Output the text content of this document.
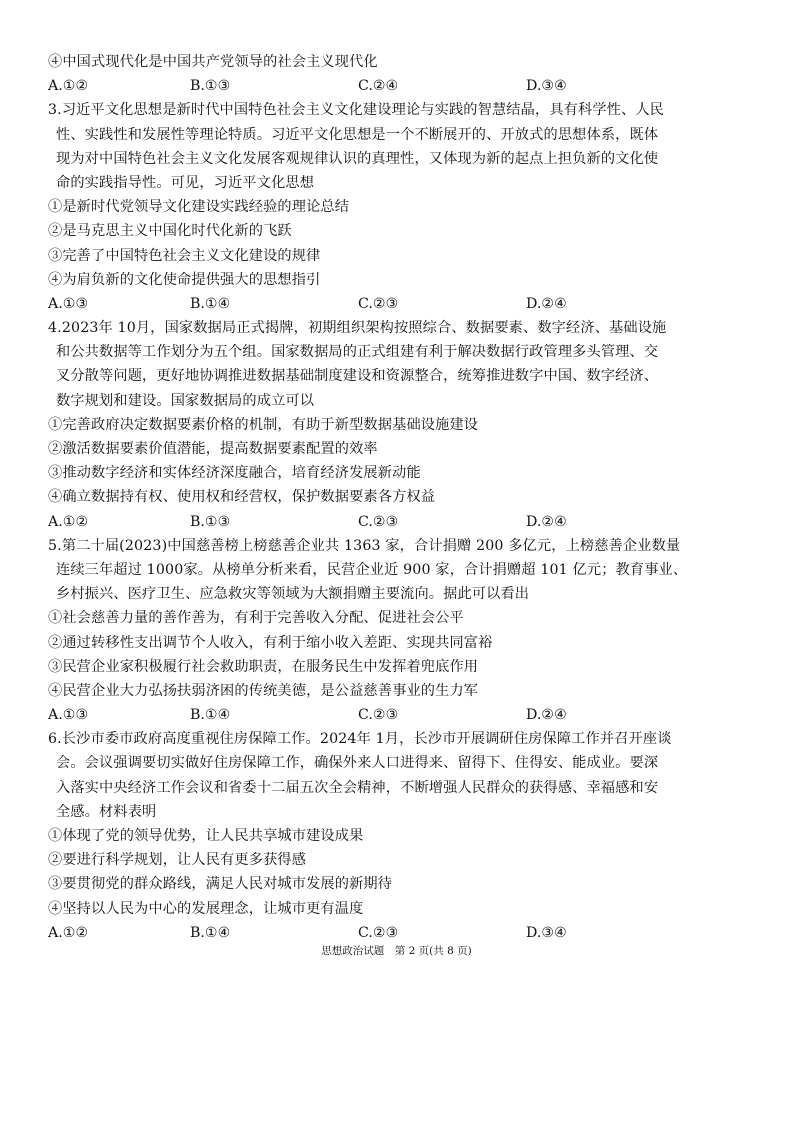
④中国式现代化是中国共产党领导的社会主义现代化
A.①②	B.①③	C.②④	D.③④
3.习近平文化思想是新时代中国特色社会主义文化建设理论与实践的智慧结晶，具有科学性、人民
性、实践性和发展性等理论特质。习近平文化思想是一个不断展开的、开放式的思想体系，既体
现为对中国特色社会主义文化发展客观规律认识的真理性，又体现为新的起点上担负新的文化使
命的实践指导性。可见，习近平文化思想
①是新时代党领导文化建设实践经验的理论总结
②是马克思主义中国化时代化新的飞跃
③完善了中国特色社会主义文化建设的规律
④为肩负新的文化使命提供强大的思想指引
A.①③	B.①④	C.②③	D.②④
4.2023年 10月，国家数据局正式揭牌，初期组织架构按照综合、数据要素、数字经济、基础设施
和公共数据等工作划分为五个组。国家数据局的正式组建有利于解决数据行政管理多头管理、交
叉分散等问题，更好地协调推进数据基础制度建设和资源整合，统筹推进数字中国、数字经济、
数字规划和建设。国家数据局的成立可以
①完善政府决定数据要素价格的机制，有助于新型数据基础设施建设
②激活数据要素价值潜能，提高数据要素配置的效率
③推动数字经济和实体经济深度融合，培育经济发展新动能
④确立数据持有权、使用权和经营权，保护数据要素各方权益
A.①②	B.①③	C.②③	D.②④
5.第二十届(2023)中国慈善榜上榜慈善企业共 1363 家，合计捐赠 200 多亿元，上榜慈善企业数量
连续三年超过 1000家。从榜单分析来看，民营企业近 900 家，合计捐赠超 101 亿元；教育事业、
乡村振兴、医疗卫生、应急救灾等领域为大额捐赠主要流向。据此可以看出
①社会慈善力量的善作善为，有利于完善收入分配、促进社会公平
②通过转移性支出调节个人收入，有利于缩小收入差距、实现共同富裕
③民营企业家积极履行社会救助职责，在服务民生中发挥着兜底作用
④民营企业大力弘扬扶弱济困的传统美德，是公益慈善事业的生力军
A.①③	B.①④	C.②③	D.②④
6.长沙市委市政府高度重视住房保障工作。2024年 1月，长沙市开展调研住房保障工作并召开座谈
会。会议强调要切实做好住房保障工作，确保外来人口进得来、留得下、住得安、能成业。要深
入落实中央经济工作会议和省委十二届五次全会精神，不断增强人民群众的获得感、幸福感和安
全感。材料表明
①体现了党的领导优势，让人民共享城市建设成果
②要进行科学规划，让人民有更多获得感
③要贯彻党的群众路线，满足人民对城市发展的新期待
④坚持以人民为中心的发展理念，让城市更有温度
A.①②	B.①④	C.②③	D.③④
思想政治试题　第 2 页(共 8 页)
